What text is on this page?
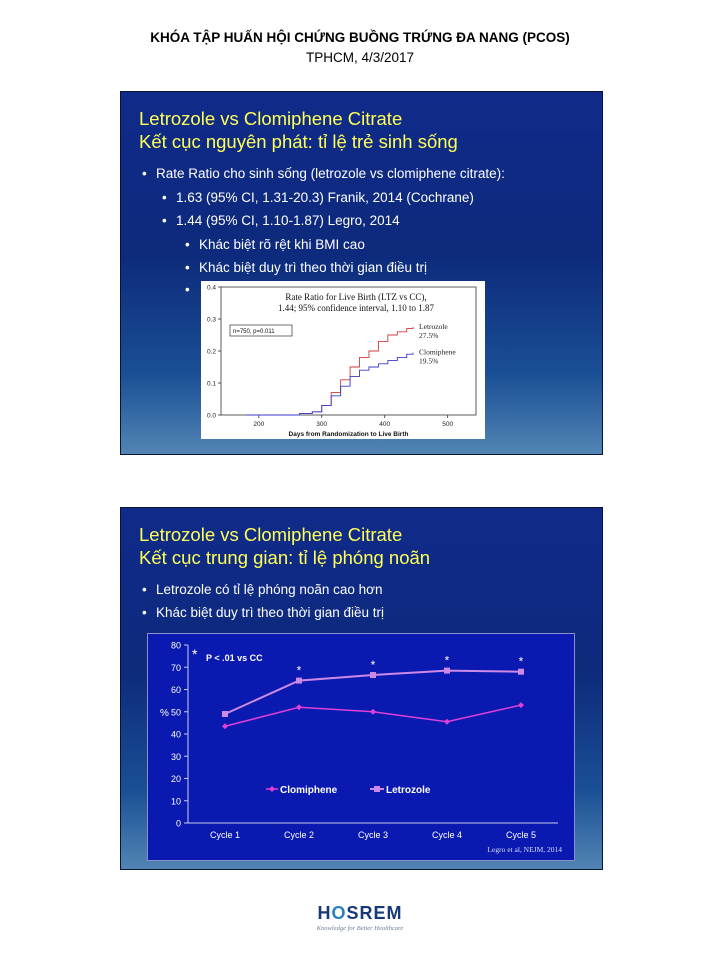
KHÓA TẬP HUẤN HỘI CHỨNG BUỒNG TRỨNG ĐA NANG (PCOS)
TPHCM, 4/3/2017
Letrozole vs Clomiphene Citrate
Kết cục nguyên phát: tỉ lệ trẻ sinh sống
• Rate Ratio cho sinh sống (letrozole vs clomiphene citrate):
• 1.63 (95% CI, 1.31-20.3) Franik, 2014 (Cochrane)
• 1.44 (95% CI, 1.10-1.87) Legro, 2014
• Khác biệt rõ rệt khi BMI cao
• Khác biệt duy trì theo thời gian điều trị
0.0
0.1
0.2
0.3
0.4
200	300	400	500
Days from Randomization to Live Birth
Rate Ratio for Live Birth (LTZ vs CC),
1.44; 95% confidence interval, 1.10 to 1.87
n=750, p=0.011
Letrozole
27.5%
Clomiphene
19.5%
Letrozole vs Clomiphene Citrate
Kết cục trung gian: tỉ lệ phóng noãn
• Letrozole có tỉ lệ phóng noãn cao hơn
• Khác biệt duy trì theo thời gian điều trị
0
10
20
30
40
50
60
70
80
%
Cycle 1	Cycle 2	Cycle 3	Cycle 4	Cycle 5
*	*	*	*
* P < .01 vs CC
Clomiphene	Letrozole
Legro et al, NEJM, 2014
HOSREM
Knowledge for Better Healthcare
